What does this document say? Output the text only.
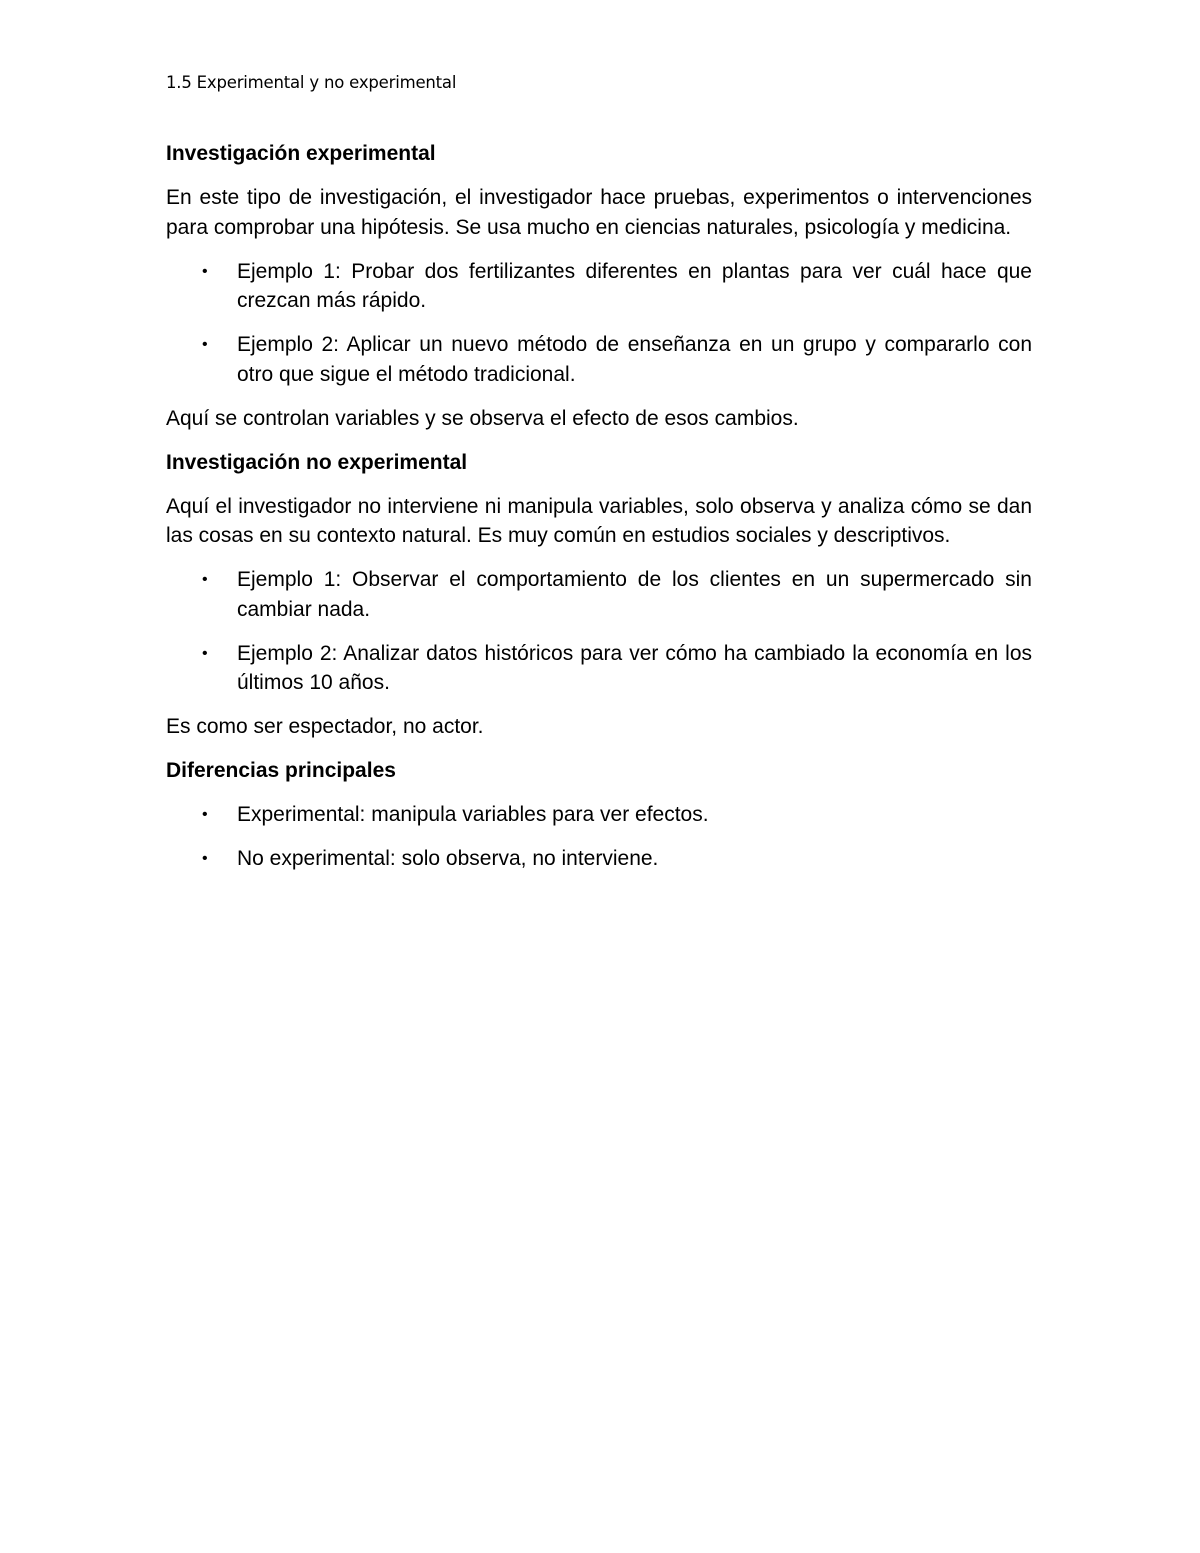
1.5 Experimental y no experimental
Investigación experimental

En este tipo de investigación, el investigador hace pruebas, experimentos o intervenciones para comprobar una hipótesis. Se usa mucho en ciencias naturales, psicología y medicina.

• Ejemplo 1: Probar dos fertilizantes diferentes en plantas para ver cuál hace que crezcan más rápido.
• Ejemplo 2: Aplicar un nuevo método de enseñanza en un grupo y compararlo con otro que sigue el método tradicional.

Aquí se controlan variables y se observa el efecto de esos cambios.

Investigación no experimental

Aquí el investigador no interviene ni manipula variables, solo observa y analiza cómo se dan las cosas en su contexto natural. Es muy común en estudios sociales y descriptivos.

• Ejemplo 1: Observar el comportamiento de los clientes en un supermercado sin cambiar nada.
• Ejemplo 2: Analizar datos históricos para ver cómo ha cambiado la economía en los últimos 10 años.

Es como ser espectador, no actor.

Diferencias principales
• Experimental: manipula variables para ver efectos.
• No experimental: solo observa, no interviene.
